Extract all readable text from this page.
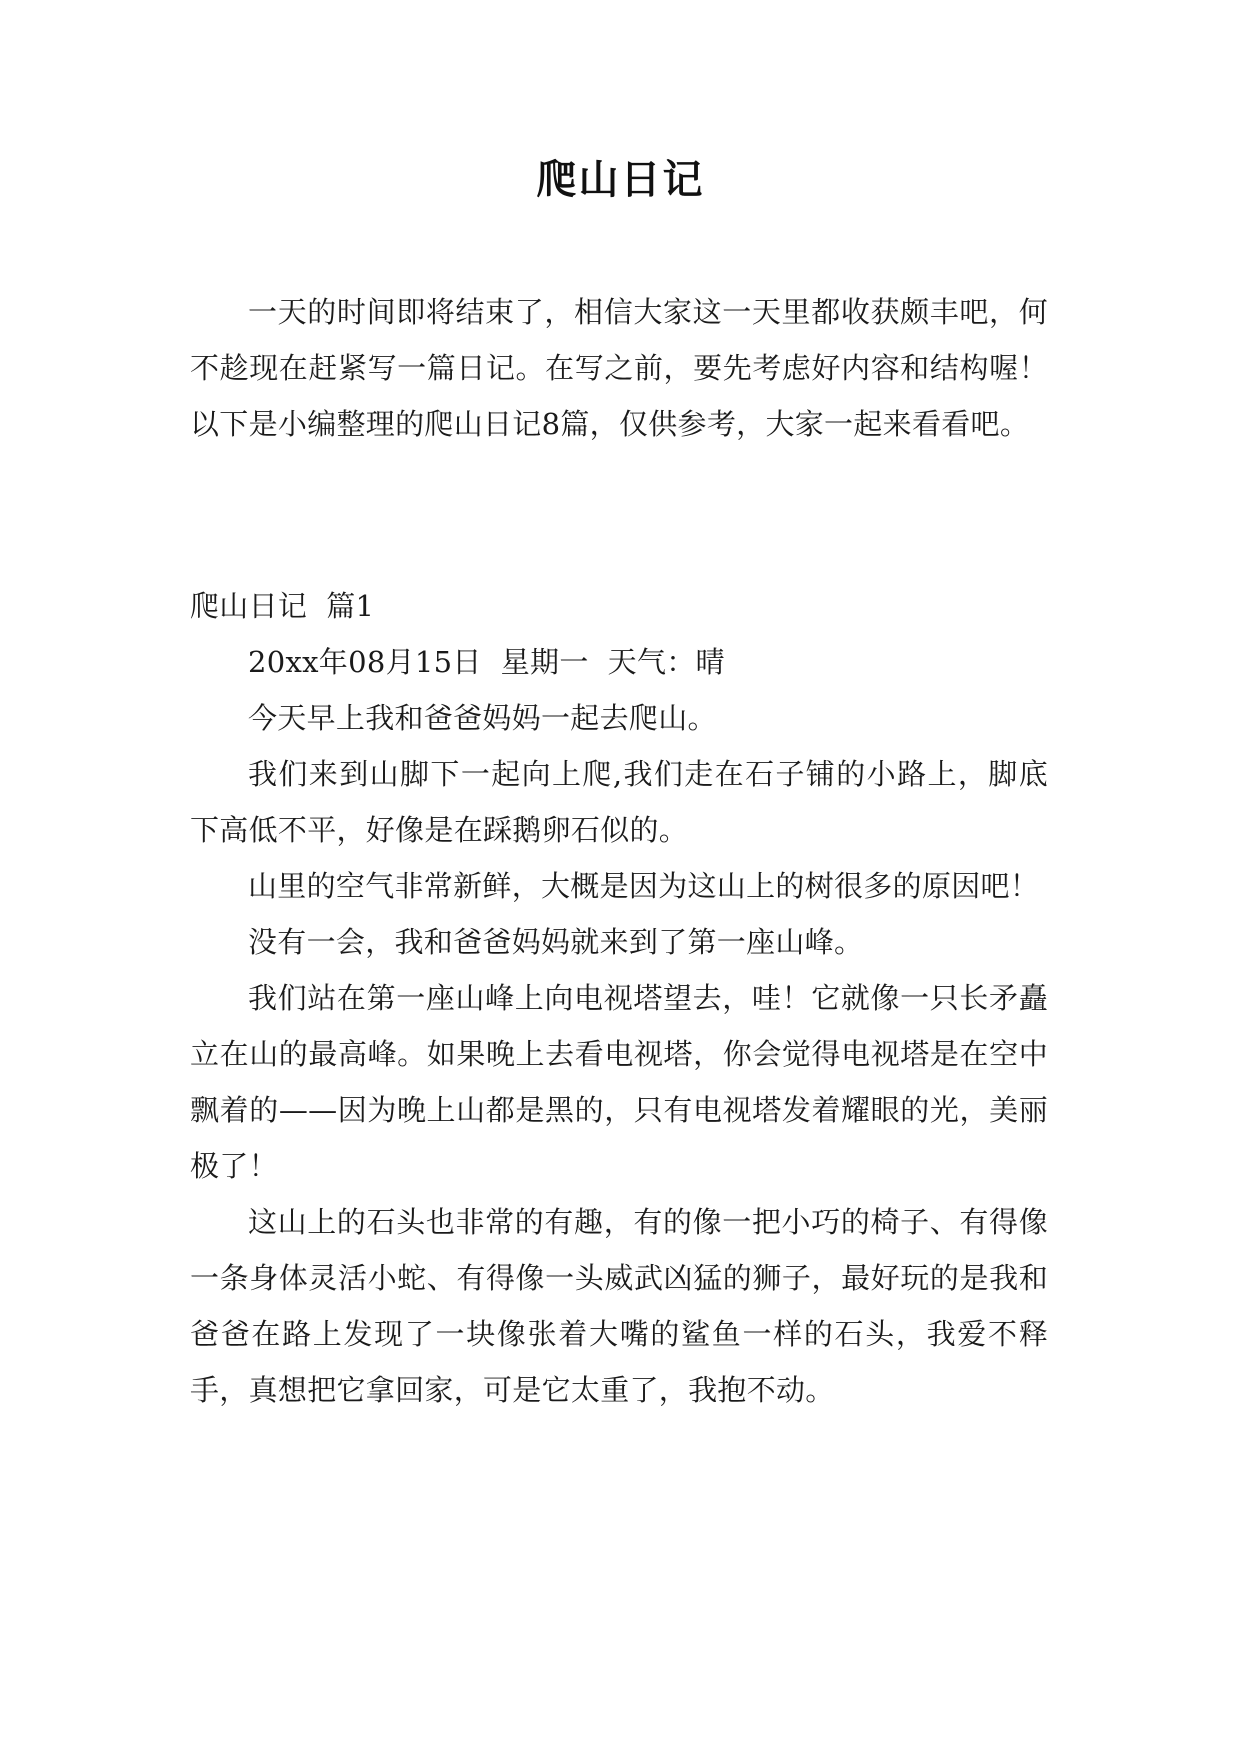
爬山日记

一天的时间即将结束了，相信大家这一天里都收获颇丰吧，何不趁现在赶紧写一篇日记。在写之前，要先考虑好内容和结构喔！以下是小编整理的爬山日记8篇，仅供参考，大家一起来看看吧。

爬山日记  篇1

20xx年08月15日  星期一  天气：晴

今天早上我和爸爸妈妈一起去爬山。

我们来到山脚下一起向上爬,我们走在石子铺的小路上，脚底下高低不平，好像是在踩鹅卵石似的。

山里的空气非常新鲜，大概是因为这山上的树很多的原因吧！

没有一会，我和爸爸妈妈就来到了第一座山峰。

我们站在第一座山峰上向电视塔望去，哇！它就像一只长矛矗立在山的最高峰。如果晚上去看电视塔，你会觉得电视塔是在空中飘着的——因为晚上山都是黑的，只有电视塔发着耀眼的光，美丽极了！

这山上的石头也非常的有趣，有的像一把小巧的椅子、有得像一条身体灵活小蛇、有得像一头威武凶猛的狮子，最好玩的是我和爸爸在路上发现了一块像张着大嘴的鲨鱼一样的石头，我爱不释手，真想把它拿回家，可是它太重了，我抱不动。
